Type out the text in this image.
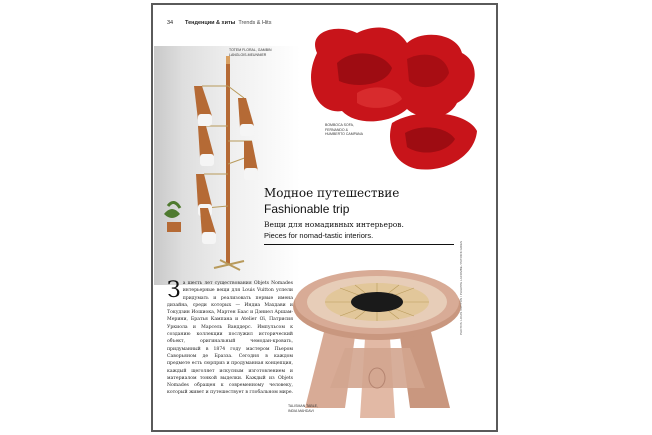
34	Тенденции & хиты Trends & Hits
TOTEM FLORAL, GAMBIN LANGLOIS-MEUNNIER
BOMBOCA SOFA, FERNANDO & HUMBERTO CAMPANA
Модное путешествие
Fashionable trip
Вещи для номадивных интерьеров.
Pieces for nomad-tastic interiors.
З а шесть лет существования Objets Nomades интерьерные вещи для Louis Vuitton успели придумать и реализовать первые имена дизайна, среди которых — Индиа Махдави и Токудзин Иошиока, Мартен Бааc и Дэниел Аршам-Мерини, Братья Кампана и Atelier Oï, Патрисия Уркиола и Марсель Ванддерс. Импульсом к созданию коллекции послужил исторический объект, оригинальный чемодан-кровать, придуманный в 1874 году мастером Пьером Саворьяном де Бразза. Сегодня в каждом предмете есть сюрприз и продуманная концепция, каждый щеголяет искусным изготовлением и материалом тонкой выделки. Каждый из Objets Nomades обращен к современному человеку, который живет и путешествует в глобальном мире.
TALISMAN TABLE, INDIA MAHDAVI
PHOTOS: LOUIS VUITTON / PHILIPPE LACOMBE / PATRICK GRIES
